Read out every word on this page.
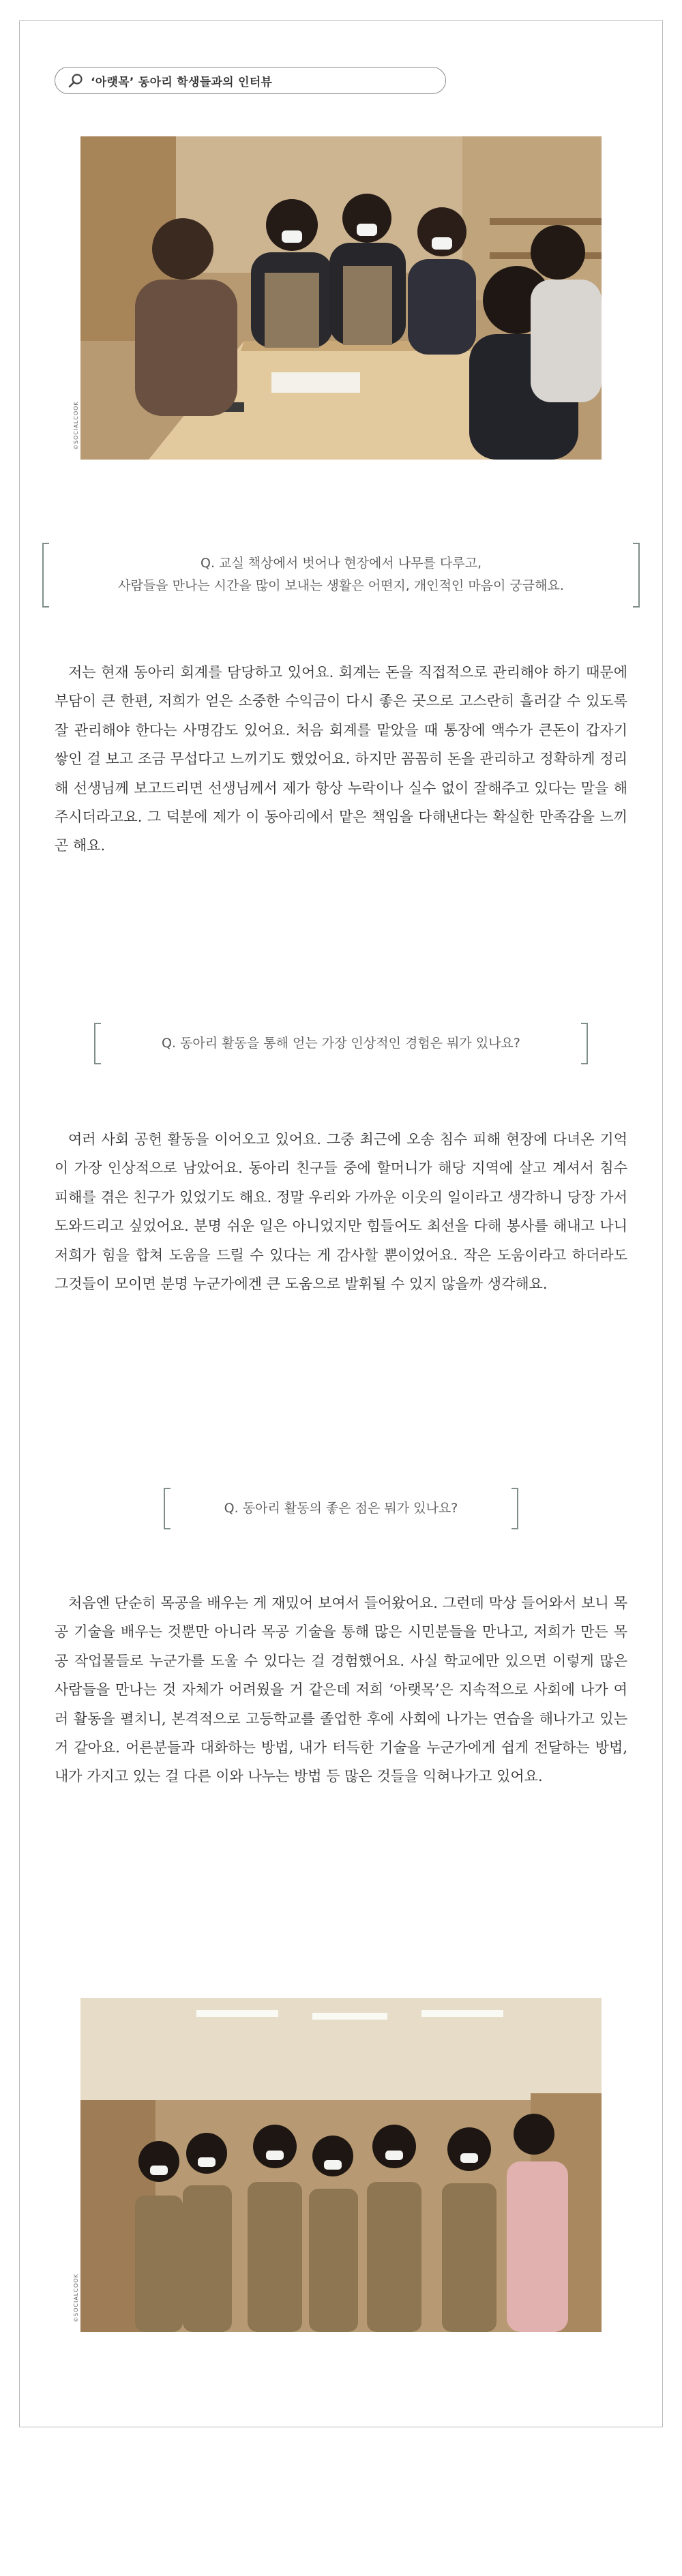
‘아랫목’ 동아리 학생들과의 인터뷰
©SOCIALCOOK
Q. 교실 책상에서 벗어나 현장에서 나무를 다루고,
사람들을 만나는 시간을 많이 보내는 생활은 어떤지, 개인적인 마음이 궁금해요.
저는 현재 동아리 회계를 담당하고 있어요. 회계는 돈을 직접적으로 관리해야 하기 때문에 부담이 큰 한편, 저희가 얻은 소중한 수익금이 다시 좋은 곳으로 고스란히 흘러갈 수 있도록 잘 관리해야 한다는 사명감도 있어요. 처음 회계를 맡았을 때 통장에 액수가 큰돈이 갑자기 쌓인 걸 보고 조금 무섭다고 느끼기도 했었어요. 하지만 꼼꼼히 돈을 관리하고 정확하게 정리해 선생님께 보고드리면 선생님께서 제가 항상 누락이나 실수 없이 잘해주고 있다는 말을 해주시더라고요. 그 덕분에 제가 이 동아리에서 맡은 책임을 다해낸다는 확실한 만족감을 느끼곤 해요.
Q. 동아리 활동을 통해 얻는 가장 인상적인 경험은 뭐가 있나요?
여러 사회 공헌 활동을 이어오고 있어요. 그중 최근에 오송 침수 피해 현장에 다녀온 기억이 가장 인상적으로 남았어요. 동아리 친구들 중에 할머니가 해당 지역에 살고 계셔서 침수 피해를 겪은 친구가 있었기도 해요. 정말 우리와 가까운 이웃의 일이라고 생각하니 당장 가서 도와드리고 싶었어요. 분명 쉬운 일은 아니었지만 힘들어도 최선을 다해 봉사를 해내고 나니 저희가 힘을 합쳐 도움을 드릴 수 있다는 게 감사할 뿐이었어요. 작은 도움이라고 하더라도 그것들이 모이면 분명 누군가에겐 큰 도움으로 발휘될 수 있지 않을까 생각해요.
Q. 동아리 활동의 좋은 점은 뭐가 있나요?
처음엔 단순히 목공을 배우는 게 재밌어 보여서 들어왔어요. 그런데 막상 들어와서 보니 목공 기술을 배우는 것뿐만 아니라 목공 기술을 통해 많은 시민분들을 만나고, 저희가 만든 목공 작업물들로 누군가를 도울 수 있다는 걸 경험했어요. 사실 학교에만 있으면 이렇게 많은 사람들을 만나는 것 자체가 어려웠을 거 같은데 저희 ‘아랫목’은 지속적으로 사회에 나가 여러 활동을 펼치니, 본격적으로 고등학교를 졸업한 후에 사회에 나가는 연습을 해나가고 있는 거 같아요. 어른분들과 대화하는 방법, 내가 터득한 기술을 누군가에게 쉽게 전달하는 방법, 내가 가지고 있는 걸 다른 이와 나누는 방법 등 많은 것들을 익혀나가고 있어요.
©SOCIALCOOK
